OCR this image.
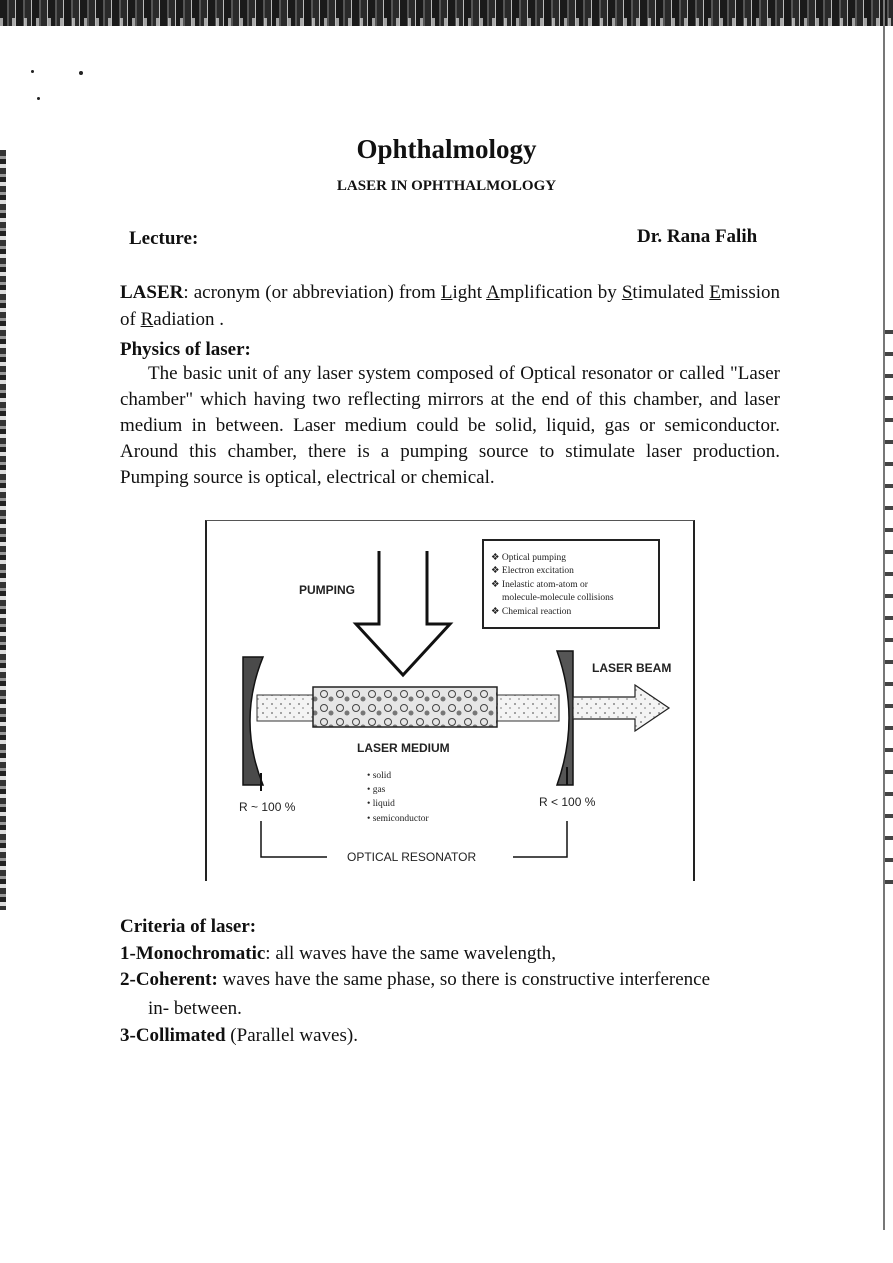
Ophthalmology
LASER IN OPHTHALMOLOGY
Lecture:	Dr. Rana Falih
LASER: acronym (or abbreviation) from Light Amplification by Stimulated Emission of Radiation .
Physics of laser:
The basic unit of any laser system composed of Optical resonator or called "Laser chamber" which having two reflecting mirrors at the end of this chamber, and laser medium in between. Laser medium could be solid, liquid, gas or semiconductor. Around this chamber, there is a pumping source to stimulate laser production. Pumping source is optical, electrical or chemical.
PUMPING
❖ Optical pumping ❖ Electron excitation ❖ Inelastic atom-atom or molecule-molecule collisions ❖ Chemical reaction
LASER BEAM
LASER MEDIUM
• solid • gas • liquid • semiconductor
R ~ 100 %	R < 100 %
OPTICAL RESONATOR
Criteria of laser:
1-Monochromatic: all waves have the same wavelength,
2-Coherent: waves have the same phase, so there is constructive interference
in- between.
3-Collimated (Parallel waves).
